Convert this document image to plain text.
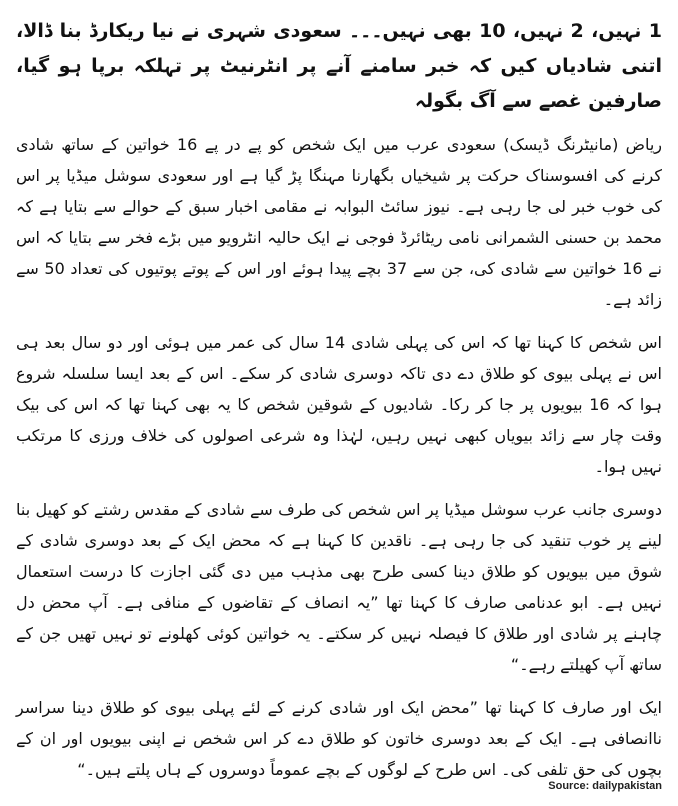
1 نہیں، 2 نہیں، 10 بھی نہیں۔۔۔ سعودی شہری نے نیا ریکارڈ بنا ڈالا، اتنی شادیاں کیں کہ خبر سامنے آنے پر انٹرنیٹ پر تہلکہ برپا ہو گیا، صارفین غصے سے آگ بگولہ

ریاض (مانیٹرنگ ڈیسک) سعودی عرب میں ایک شخص کو پے در پے 16 خواتین کے ساتھ شادی کرنے کی افسوسناک حرکت پر شیخیاں بگھارنا مہنگا پڑ گیا ہے اور سعودی سوشل میڈیا پر اس کی خوب خبر لی جا رہی ہے۔ نیوز سائٹ البوابہ نے مقامی اخبار سبق کے حوالے سے بتایا ہے کہ محمد بن حسنی الشمرانی نامی ریٹائرڈ فوجی نے ایک حالیہ انٹرویو میں بڑے فخر سے بتایا کہ اس نے 16 خواتین سے شادی کی، جن سے 37 بچے پیدا ہوئے اور اس کے پوتے پوتیوں کی تعداد 50 سے زائد ہے۔

اس شخص کا کہنا تھا کہ اس کی پہلی شادی 14 سال کی عمر میں ہوئی اور دو سال بعد ہی اس نے پہلی بیوی کو طلاق دے دی تاکہ دوسری شادی کر سکے۔ اس کے بعد ایسا سلسلہ شروع ہوا کہ 16 بیویوں پر جا کر رکا۔ شادیوں کے شوقین شخص کا یہ بھی کہنا تھا کہ اس کی بیک وقت چار سے زائد بیویاں کبھی نہیں رہیں، لہٰذا وہ شرعی اصولوں کی خلاف ورزی کا مرتکب نہیں ہوا۔

دوسری جانب عرب سوشل میڈیا پر اس شخص کی طرف سے شادی کے مقدس رشتے کو کھیل بنا لینے پر خوب تنقید کی جا رہی ہے۔ ناقدین کا کہنا ہے کہ محض ایک کے بعد دوسری شادی کے شوق میں بیویوں کو طلاق دینا کسی طرح بھی مذہب میں دی گئی اجازت کا درست استعمال نہیں ہے۔ ابو عدنامی صارف کا کہنا تھا ”یہ انصاف کے تقاضوں کے منافی ہے۔ آپ محض دل چاہنے پر شادی اور طلاق کا فیصلہ نہیں کر سکتے۔ یہ خواتین کوئی کھلونے تو نہیں تھیں جن کے ساتھ آپ کھیلتے رہے۔“

ایک اور صارف کا کہنا تھا ”محض ایک اور شادی کرنے کے لئے پہلی بیوی کو طلاق دینا سراسر ناانصافی ہے۔ ایک کے بعد دوسری خاتون کو طلاق دے کر اس شخص نے اپنی بیویوں اور ان کے بچوں کی حق تلفی کی۔ اس طرح کے لوگوں کے بچے عموماً دوسروں کے ہاں پلتے ہیں۔“

Source: dailypakistan
